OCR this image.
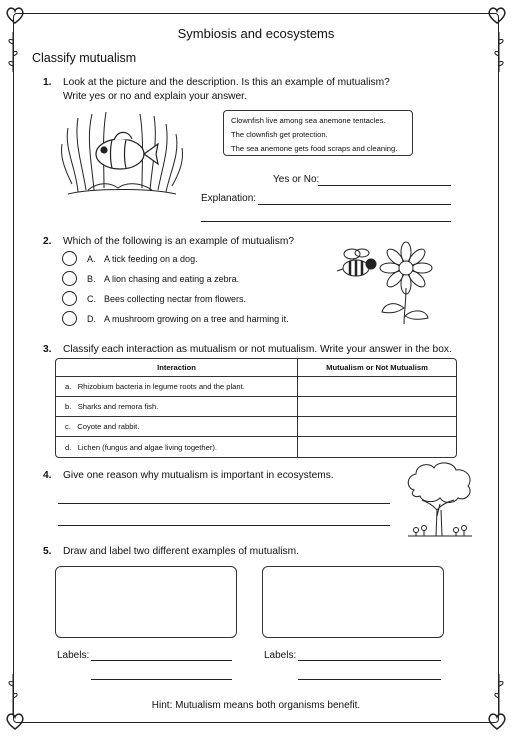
Symbiosis and ecosystems
Classify mutualism
1. Look at the picture and the description. Is this an example of mutualism?
Write yes or no and explain your answer.
Clownfish live among sea anemone tentacles.
The clownfish get protection.
The sea anemone gets food scraps and cleaning.
Yes or No:
Explanation:
2. Which of the following is an example of mutualism?
A. A tick feeding on a dog.
B. A lion chasing and eating a zebra.
C. Bees collecting nectar from flowers.
D. A mushroom growing on a tree and harming it.
3. Classify each interaction as mutualism or not mutualism. Write your answer in the box.
Interaction	Mutualism or Not Mutualism
a. Rhizobium bacteria in legume roots and the plant.	
b. Sharks and remora fish.	
c. Coyote and rabbit.	
d. Lichen (fungus and algae living together).	
4. Give one reason why mutualism is important in ecosystems.
5. Draw and label two different examples of mutualism.
Labels:	Labels:
Hint: Mutualism means both organisms benefit.
